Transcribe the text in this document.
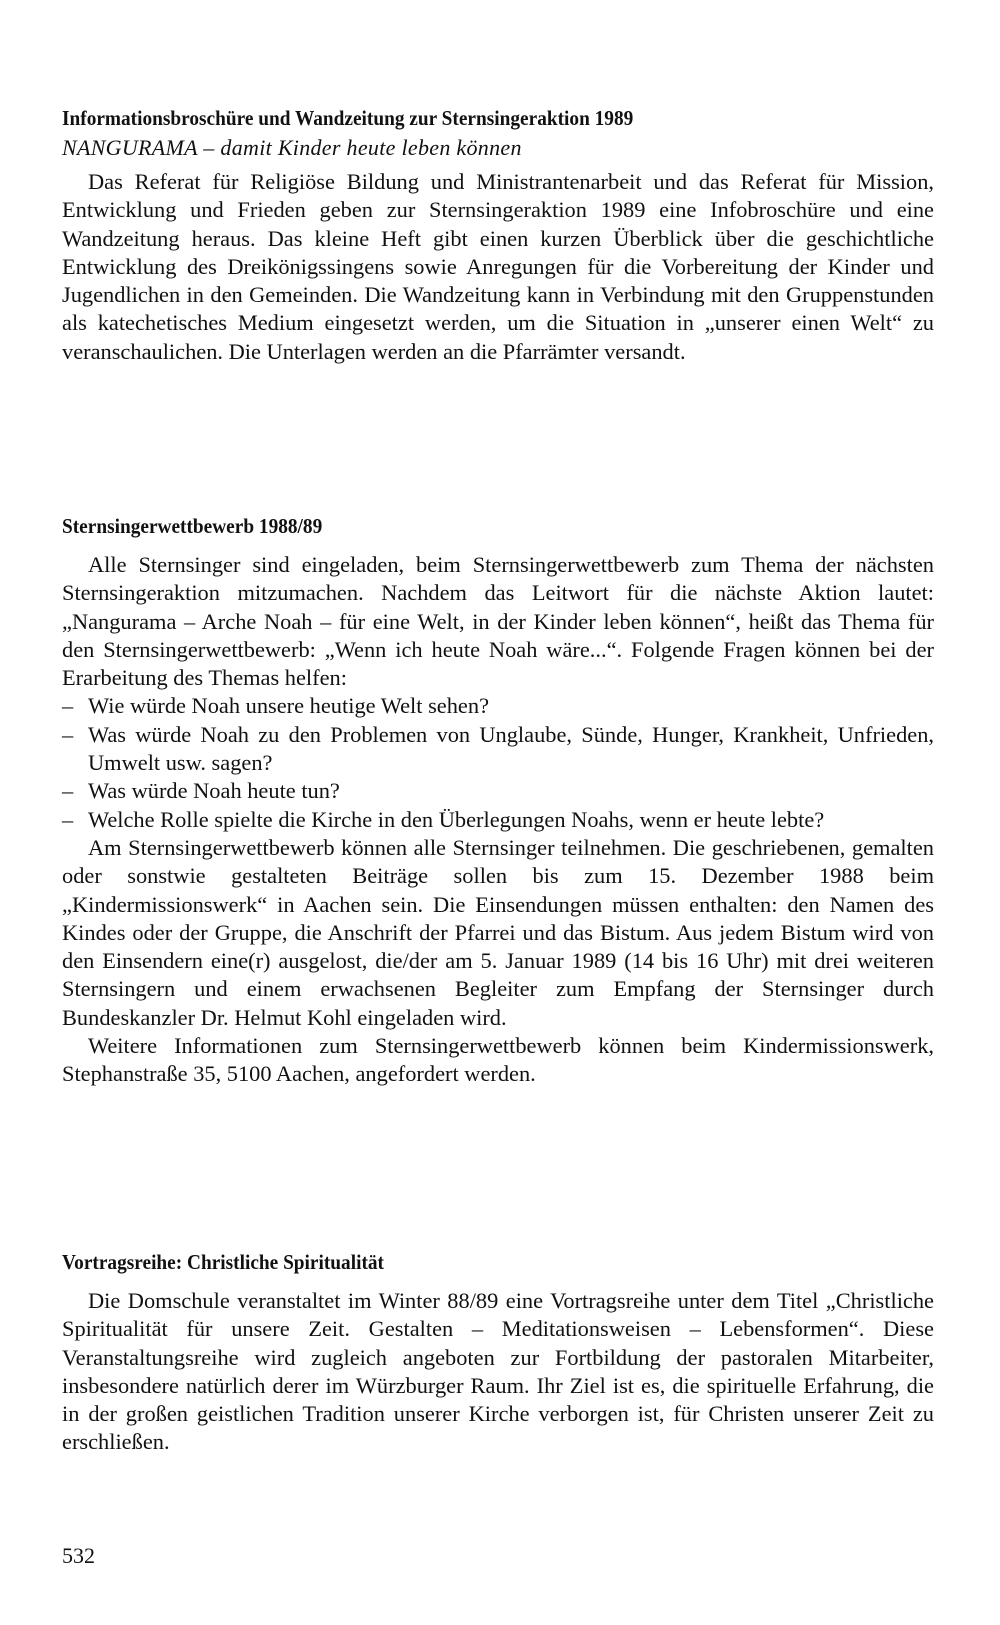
Informationsbroschüre und Wandzeitung zur Sternsingeraktion 1989

NANGURAMA – damit Kinder heute leben können

Das Referat für Religiöse Bildung und Ministrantenarbeit und das Referat für Mission, Entwicklung und Frieden geben zur Sternsingeraktion 1989 eine Infobroschüre und eine Wandzeitung heraus. Das kleine Heft gibt einen kurzen Überblick über die geschichtliche Entwicklung des Dreikönigssingens sowie Anregungen für die Vorbereitung der Kinder und Jugendlichen in den Gemeinden. Die Wandzeitung kann in Verbindung mit den Gruppenstunden als katechetisches Medium eingesetzt werden, um die Situation in „unserer einen Welt“ zu veranschaulichen. Die Unterlagen werden an die Pfarrämter versandt.

Sternsingerwettbewerb 1988/89

Alle Sternsinger sind eingeladen, beim Sternsingerwettbewerb zum Thema der nächsten Sternsingeraktion mitzumachen. Nachdem das Leitwort für die nächste Aktion lautet: „Nangurama – Arche Noah – für eine Welt, in der Kinder leben können“, heißt das Thema für den Sternsingerwettbewerb: „Wenn ich heute Noah wäre...“. Folgende Fragen können bei der Erarbeitung des Themas helfen:

– Wie würde Noah unsere heutige Welt sehen?
– Was würde Noah zu den Problemen von Unglaube, Sünde, Hunger, Krankheit, Unfrieden, Umwelt usw. sagen?
– Was würde Noah heute tun?
– Welche Rolle spielte die Kirche in den Überlegungen Noahs, wenn er heute lebte?

Am Sternsingerwettbewerb können alle Sternsinger teilnehmen. Die geschriebenen, gemalten oder sonstwie gestalteten Beiträge sollen bis zum 15. Dezember 1988 beim „Kindermissionswerk“ in Aachen sein. Die Einsendungen müssen enthalten: den Namen des Kindes oder der Gruppe, die Anschrift der Pfarrei und das Bistum. Aus jedem Bistum wird von den Einsendern eine(r) ausgelost, die/der am 5. Januar 1989 (14 bis 16 Uhr) mit drei weiteren Sternsingern und einem erwachsenen Begleiter zum Empfang der Sternsinger durch Bundeskanzler Dr. Helmut Kohl eingeladen wird.

Weitere Informationen zum Sternsingerwettbewerb können beim Kindermissionswerk, Stephanstraße 35, 5100 Aachen, angefordert werden.

Vortragsreihe: Christliche Spiritualität

Die Domschule veranstaltet im Winter 88/89 eine Vortragsreihe unter dem Titel „Christliche Spiritualität für unsere Zeit. Gestalten – Meditationsweisen – Lebensformen“. Diese Veranstaltungsreihe wird zugleich angeboten zur Fortbildung der pastoralen Mitarbeiter, insbesondere natürlich derer im Würzburger Raum. Ihr Ziel ist es, die spirituelle Erfahrung, die in der großen geistlichen Tradition unserer Kirche verborgen ist, für Christen unserer Zeit zu erschließen.

532
